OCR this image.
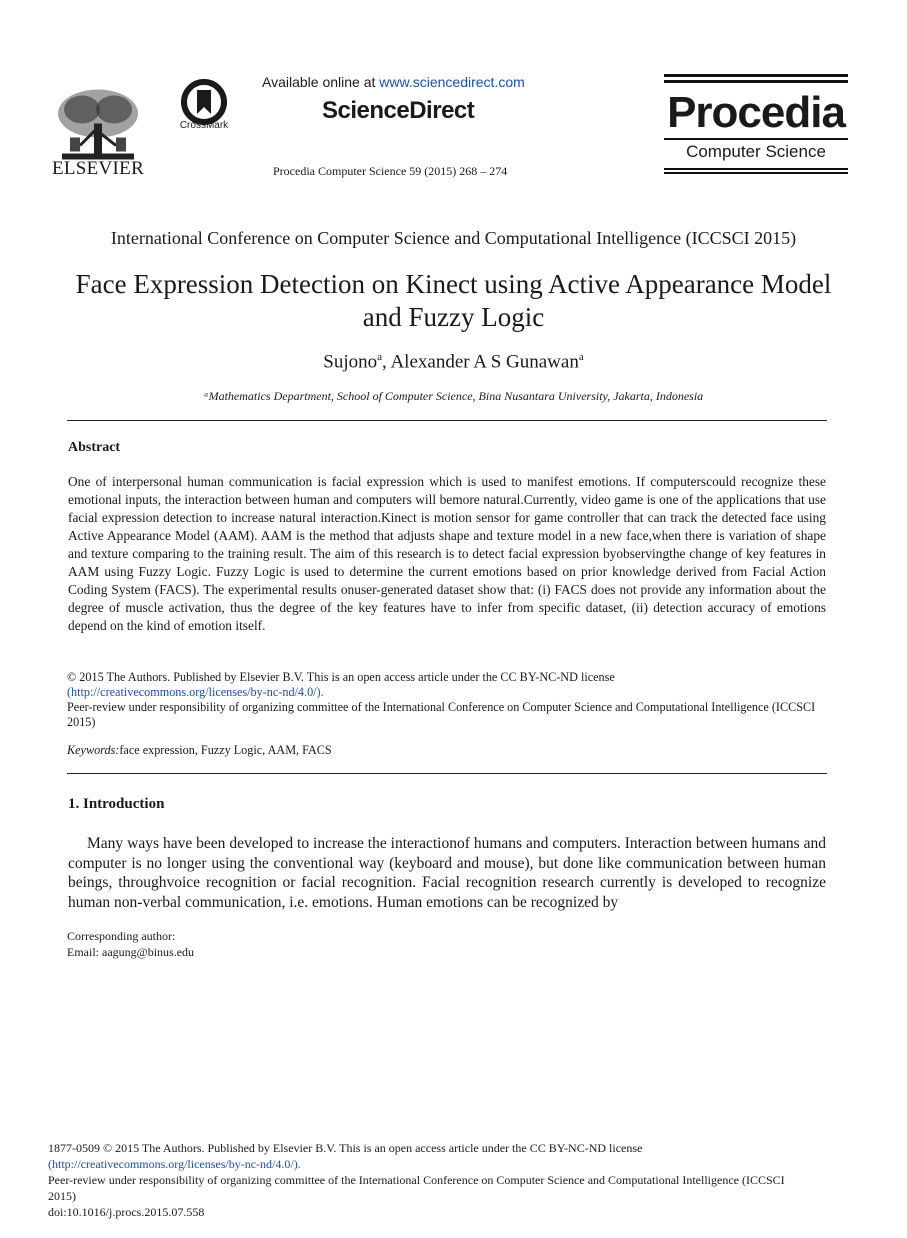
ELSEVIER
CrossMark
Available online at www.sciencedirect.com
ScienceDirect
Procedia Computer Science 59 (2015) 268 – 274
Procedia
Computer Science
International Conference on Computer Science and Computational Intelligence (ICCSCI 2015)
Face Expression Detection on Kinect using Active Appearance Model and Fuzzy Logic
Sujono$^a$, Alexander A S Gunawan$^a$
ᵃMathematics Department, School of Computer Science, Bina Nusantara University, Jakarta, Indonesia
Abstract
One of interpersonal human communication is facial expression which is used to manifest emotions. If computerscould recognize these emotional inputs, the interaction between human and computers will bemore natural.Currently, video game is one of the applications that use facial expression detection to increase natural interaction.Kinect is motion sensor for game controller that can track the detected face using Active Appearance Model (AAM). AAM is the method that adjusts shape and texture model in a new face,when there is variation of shape and texture comparing to the training result. The aim of this research is to detect facial expression byobservingthe change of key features in AAM using Fuzzy Logic. Fuzzy Logic is used to determine the current emotions based on prior knowledge derived from Facial Action Coding System (FACS). The experimental results onuser-generated dataset show that: (i) FACS does not provide any information about the degree of muscle activation, thus the degree of the key features have to infer from specific dataset, (ii) detection accuracy of emotions depend on the kind of emotion itself.
© 2015 The Authors. Published by Elsevier B.V. This is an open access article under the CC BY-NC-ND license
(http://creativecommons.org/licenses/by-nc-nd/4.0/).
Peer-review under responsibility of organizing committee of the International Conference on Computer Science and Computational Intelligence (ICCSCI 2015)
Keywords:face expression, Fuzzy Logic, AAM, FACS
1. Introduction
Many ways have been developed to increase the interactionof humans and computers. Interaction between humans and computer is no longer using the conventional way (keyboard and mouse), but done like communication between human beings, throughvoice recognition or facial recognition. Facial recognition research currently is developed to recognize human non-verbal communication, i.e. emotions. Human emotions can be recognized by
Corresponding author:
Email: aagung@binus.edu
1877-0509 © 2015 The Authors. Published by Elsevier B.V. This is an open access article under the CC BY-NC-ND license
(http://creativecommons.org/licenses/by-nc-nd/4.0/).
Peer-review under responsibility of organizing committee of the International Conference on Computer Science and Computational Intelligence (ICCSCI 2015)
doi:10.1016/j.procs.2015.07.558
